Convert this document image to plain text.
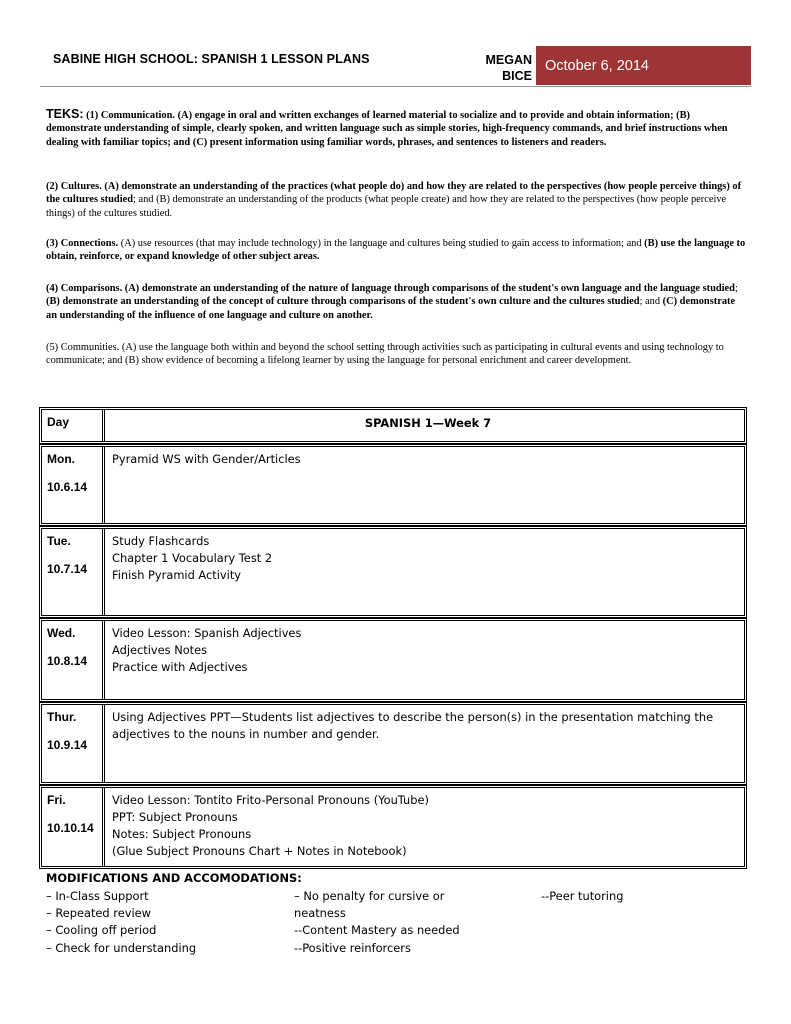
SABINE HIGH SCHOOL: SPANISH 1 LESSON PLANS	MEGAN
BICE
October 6, 2014
TEKS: (1) Communication. (A) engage in oral and written exchanges of learned material to socialize and to provide and obtain information; (B) demonstrate understanding of simple, clearly spoken, and written language such as simple stories, high-frequency commands, and brief instructions when dealing with familiar topics; and (C) present information using familiar words, phrases, and sentences to listeners and readers.
(2) Cultures. (A) demonstrate an understanding of the practices (what people do) and how they are related to the perspectives (how people perceive things) of the cultures studied; and (B) demonstrate an understanding of the products (what people create) and how they are related to the perspectives (how people perceive things) of the cultures studied.
(3) Connections. (A) use resources (that may include technology) in the language and cultures being studied to gain access to information; and (B) use the language to obtain, reinforce, or expand knowledge of other subject areas.
(4) Comparisons. (A) demonstrate an understanding of the nature of language through comparisons of the student's own language and the language studied; (B) demonstrate an understanding of the concept of culture through comparisons of the student's own culture and the cultures studied; and (C) demonstrate an understanding of the influence of one language and culture on another.
(5) Communities. (A) use the language both within and beyond the school setting through activities such as participating in cultural events and using technology to communicate; and (B) show evidence of becoming a lifelong learner by using the language for personal enrichment and career development.
Day	SPANISH 1—Week 7
Mon.
10.6.14
Pyramid WS with Gender/Articles
Tue.
10.7.14
Study Flashcards
Chapter 1 Vocabulary Test 2
Finish Pyramid Activity
Wed.
10.8.14
Video Lesson: Spanish Adjectives
Adjectives Notes
Practice with Adjectives
Thur.
10.9.14
Using Adjectives PPT—Students list adjectives to describe the person(s) in the presentation matching the adjectives to the nouns in number and gender.
Fri.
10.10.14
Video Lesson: Tontito Frito-Personal Pronouns (YouTube)
PPT: Subject Pronouns
Notes: Subject Pronouns
(Glue Subject Pronouns Chart + Notes in Notebook)
MODIFICATIONS AND ACCOMODATIONS:
– In-Class Support
– Repeated review
– Cooling off period
– Check for understanding
– No penalty for cursive or
neatness
--Content Mastery as needed
--Positive reinforcers
--Peer tutoring
